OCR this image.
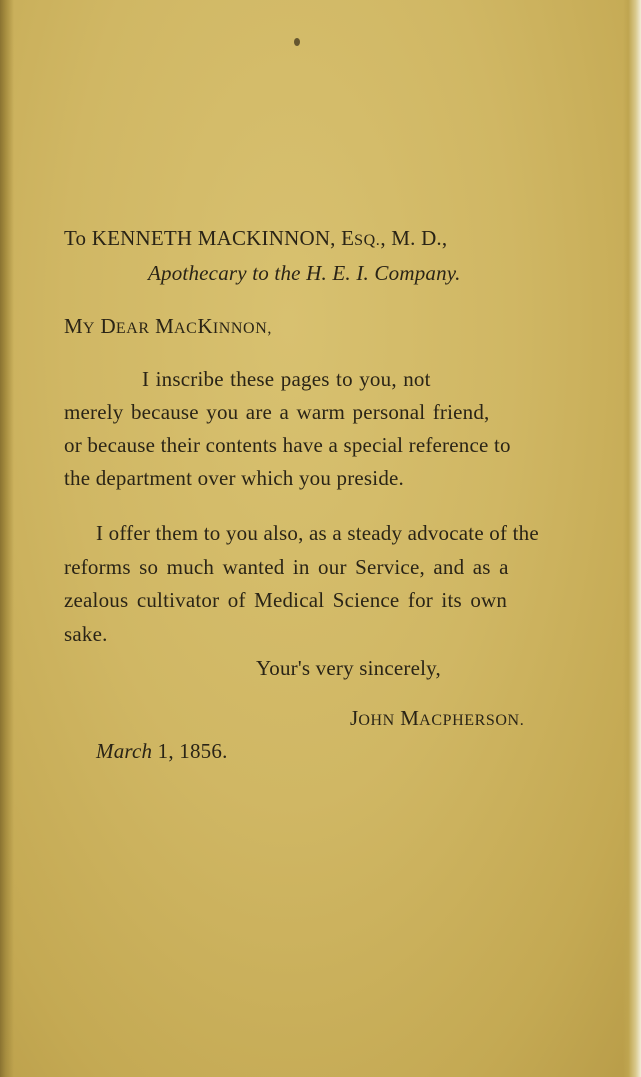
To KENNETH MACKINNON, ESQ., M. D.,
Apothecary to the H. E. I. Company.
MY DEAR MACKINNON,
I inscribe these pages to you, not
merely because you are a warm personal friend,
or because their contents have a special reference to
the department over which you preside.
I offer them to you also, as a steady advocate of the
reforms so much wanted in our Service, and as a
zealous cultivator of Medical Science for its own
sake.
Your's very sincerely,
JOHN MACPHERSON.
March 1, 1856.
